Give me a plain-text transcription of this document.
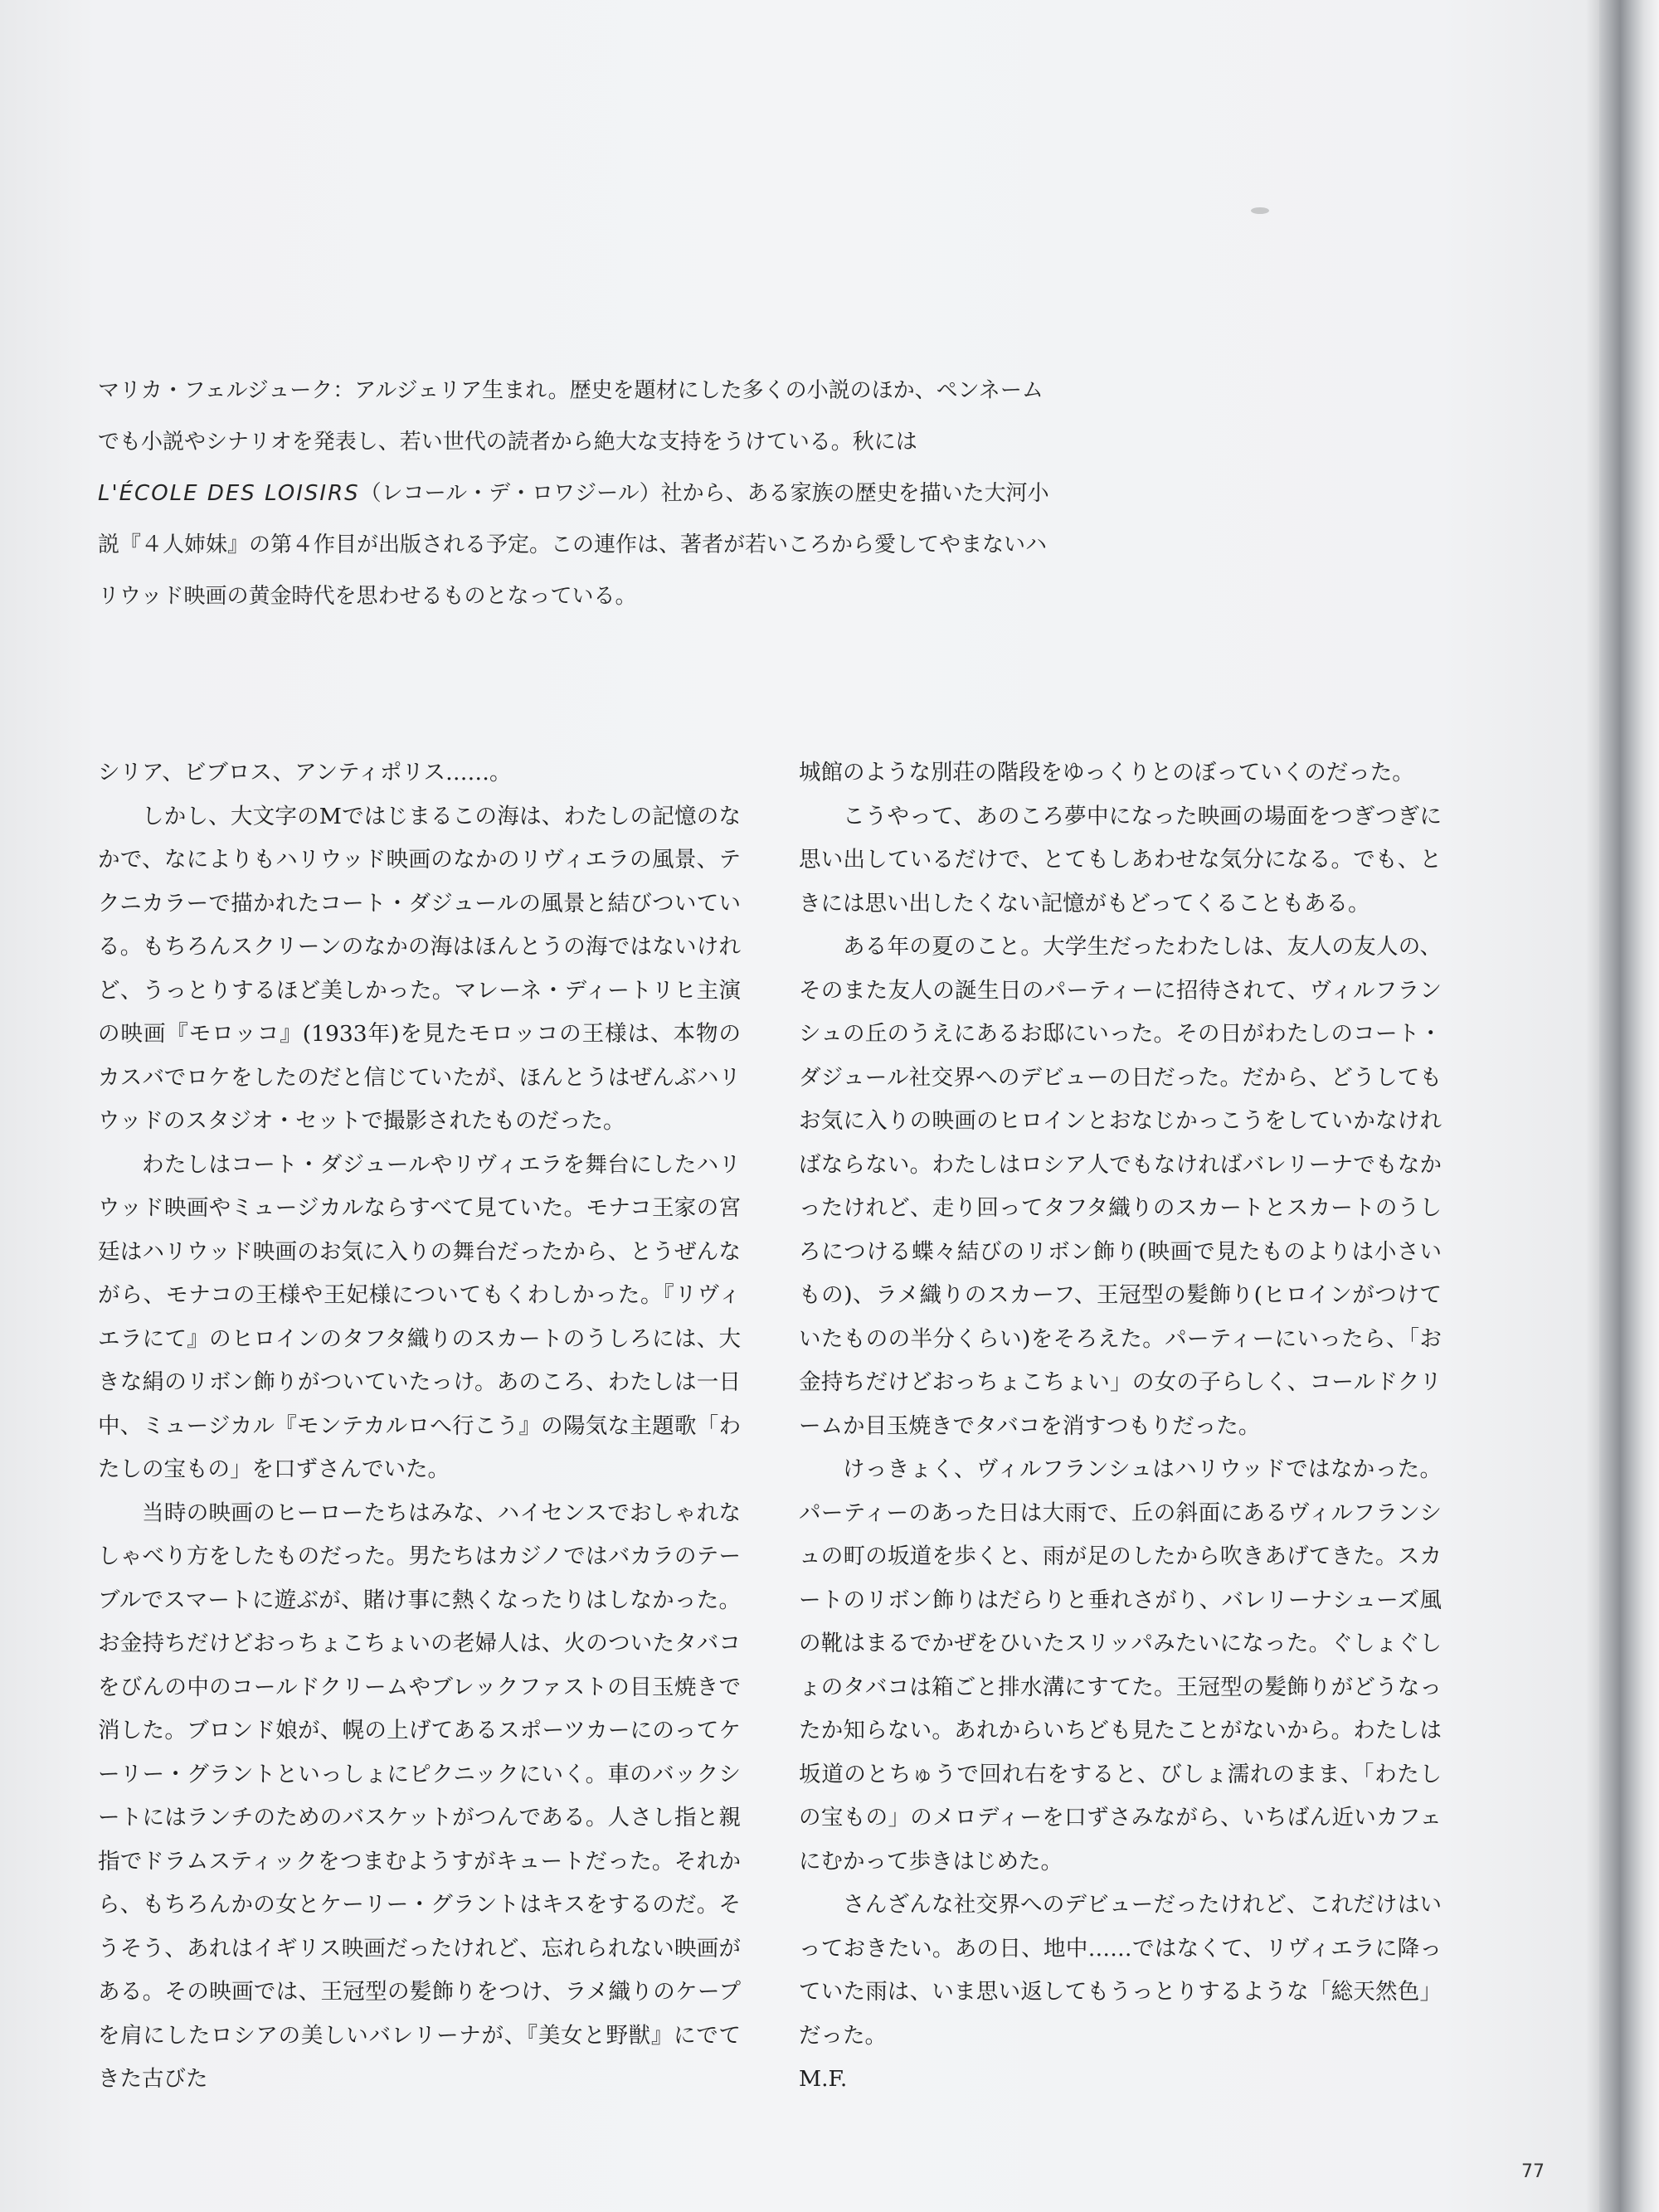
マリカ・フェルジューク：アルジェリア生まれ。歴史を題材にした多くの小説のほか、ペンネームでも小説やシナリオを発表し、若い世代の読者から絶大な支持をうけている。秋には
L'ÉCOLE DES LOISIRS（レコール・デ・ロワジール）社から、ある家族の歴史を描いた大河小説『４人姉妹』の第４作目が出版される予定。この連作は、著者が若いころから愛してやまないハリウッド映画の黄金時代を思わせるものとなっている。

シリア、ビブロス、アンティポリス……。

しかし、大文字のMではじまるこの海は、わたしの記憶のなかで、なによりもハリウッド映画のなかのリヴィエラの風景、テクニカラーで描かれたコート・ダジュールの風景と結びついている。もちろんスクリーンのなかの海はほんとうの海ではないけれど、うっとりするほど美しかった。マレーネ・ディートリヒ主演の映画『モロッコ』(1933年)を見たモロッコの王様は、本物のカスバでロケをしたのだと信じていたが、ほんとうはぜんぶハリウッドのスタジオ・セットで撮影されたものだった。

わたしはコート・ダジュールやリヴィエラを舞台にしたハリウッド映画やミュージカルならすべて見ていた。モナコ王家の宮廷はハリウッド映画のお気に入りの舞台だったから、とうぜんながら、モナコの王様や王妃様についてもくわしかった。『リヴィエラにて』のヒロインのタフタ織りのスカートのうしろには、大きな絹のリボン飾りがついていたっけ。あのころ、わたしは一日中、ミュージカル『モンテカルロへ行こう』の陽気な主題歌「わたしの宝もの」を口ずさんでいた。

当時の映画のヒーローたちはみな、ハイセンスでおしゃれなしゃべり方をしたものだった。男たちはカジノではバカラのテーブルでスマートに遊ぶが、賭け事に熱くなったりはしなかった。お金持ちだけどおっちょこちょいの老婦人は、火のついたタバコをびんの中のコールドクリームやブレックファストの目玉焼きで消した。ブロンド娘が、幌の上げてあるスポーツカーにのってケーリー・グラントといっしょにピクニックにいく。車のバックシートにはランチのためのバスケットがつんである。人さし指と親指でドラムスティックをつまむようすがキュートだった。それから、もちろんかの女とケーリー・グラントはキスをするのだ。そうそう、あれはイギリス映画だったけれど、忘れられない映画がある。その映画では、王冠型の髪飾りをつけ、ラメ織りのケープを肩にしたロシアの美しいバレリーナが、『美女と野獣』にでてきた古びた

城館のような別荘の階段をゆっくりとのぼっていくのだった。

こうやって、あのころ夢中になった映画の場面をつぎつぎに思い出しているだけで、とてもしあわせな気分になる。でも、ときには思い出したくない記憶がもどってくることもある。

ある年の夏のこと。大学生だったわたしは、友人の友人の、そのまた友人の誕生日のパーティーに招待されて、ヴィルフランシュの丘のうえにあるお邸にいった。その日がわたしのコート・ダジュール社交界へのデビューの日だった。だから、どうしてもお気に入りの映画のヒロインとおなじかっこうをしていかなければならない。わたしはロシア人でもなければバレリーナでもなかったけれど、走り回ってタフタ織りのスカートとスカートのうしろにつける蝶々結びのリボン飾り(映画で見たものよりは小さいもの)、ラメ織りのスカーフ、王冠型の髪飾り(ヒロインがつけていたものの半分くらい)をそろえた。パーティーにいったら、「お金持ちだけどおっちょこちょい」の女の子らしく、コールドクリームか目玉焼きでタバコを消すつもりだった。

けっきょく、ヴィルフランシュはハリウッドではなかった。パーティーのあった日は大雨で、丘の斜面にあるヴィルフランシュの町の坂道を歩くと、雨が足のしたから吹きあげてきた。スカートのリボン飾りはだらりと垂れさがり、バレリーナシューズ風の靴はまるでかぜをひいたスリッパみたいになった。ぐしょぐしょのタバコは箱ごと排水溝にすてた。王冠型の髪飾りがどうなったか知らない。あれからいちども見たことがないから。わたしは坂道のとちゅうで回れ右をすると、びしょ濡れのまま、「わたしの宝もの」のメロディーを口ずさみながら、いちばん近いカフェにむかって歩きはじめた。

さんざんな社交界へのデビューだったけれど、これだけはいっておきたい。あの日、地中……ではなくて、リヴィエラに降っていた雨は、いま思い返してもうっとりするような「総天然色」だった。

M.F.

77
